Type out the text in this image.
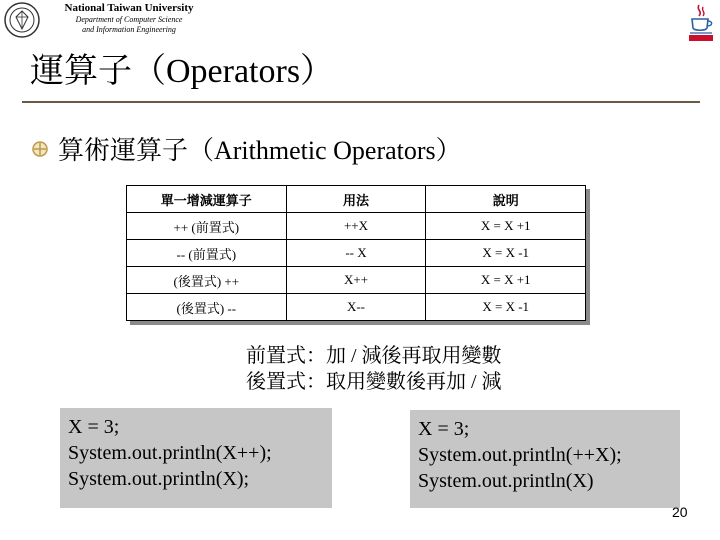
National Taiwan University
Department of Computer Science
and Information Engineering
運算子（Operators）
算術運算子（Arithmetic Operators）
單一增減運算子	用法	說明
++ (前置式)	++X	X = X +1
-- (前置式)	-- X	X = X -1
(後置式) ++	X++	X = X +1
(後置式) --	X--	X = X -1
前置式：加 / 減後再取用變數
後置式：取用變數後再加 / 減
X = 3;
System.out.println(X++);
System.out.println(X);
X = 3;
System.out.println(++X);
System.out.println(X)
20
